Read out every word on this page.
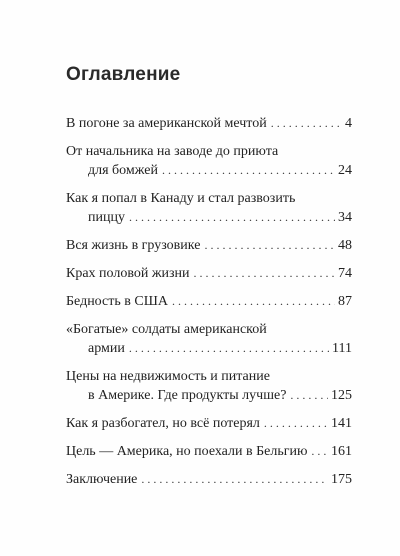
Оглавление
В погоне за американской мечтой . . .	4
От начальника на заводе до приюта
для бомжей . . .	24
Как я попал в Канаду и стал развозить
пиццу . . .	34
Вся жизнь в грузовике . . .	48
Крах половой жизни . . .	74
Бедность в США . . .	87
«Богатые» солдаты американской
армии . . .	111
Цены на недвижимость и питание
в Америке. Где продукты лучше? . . .	125
Как я разбогател, но всё потерял . . .	141
Цель — Америка, но поехали в Бельгию . . . 161
Заключение . . .	175
